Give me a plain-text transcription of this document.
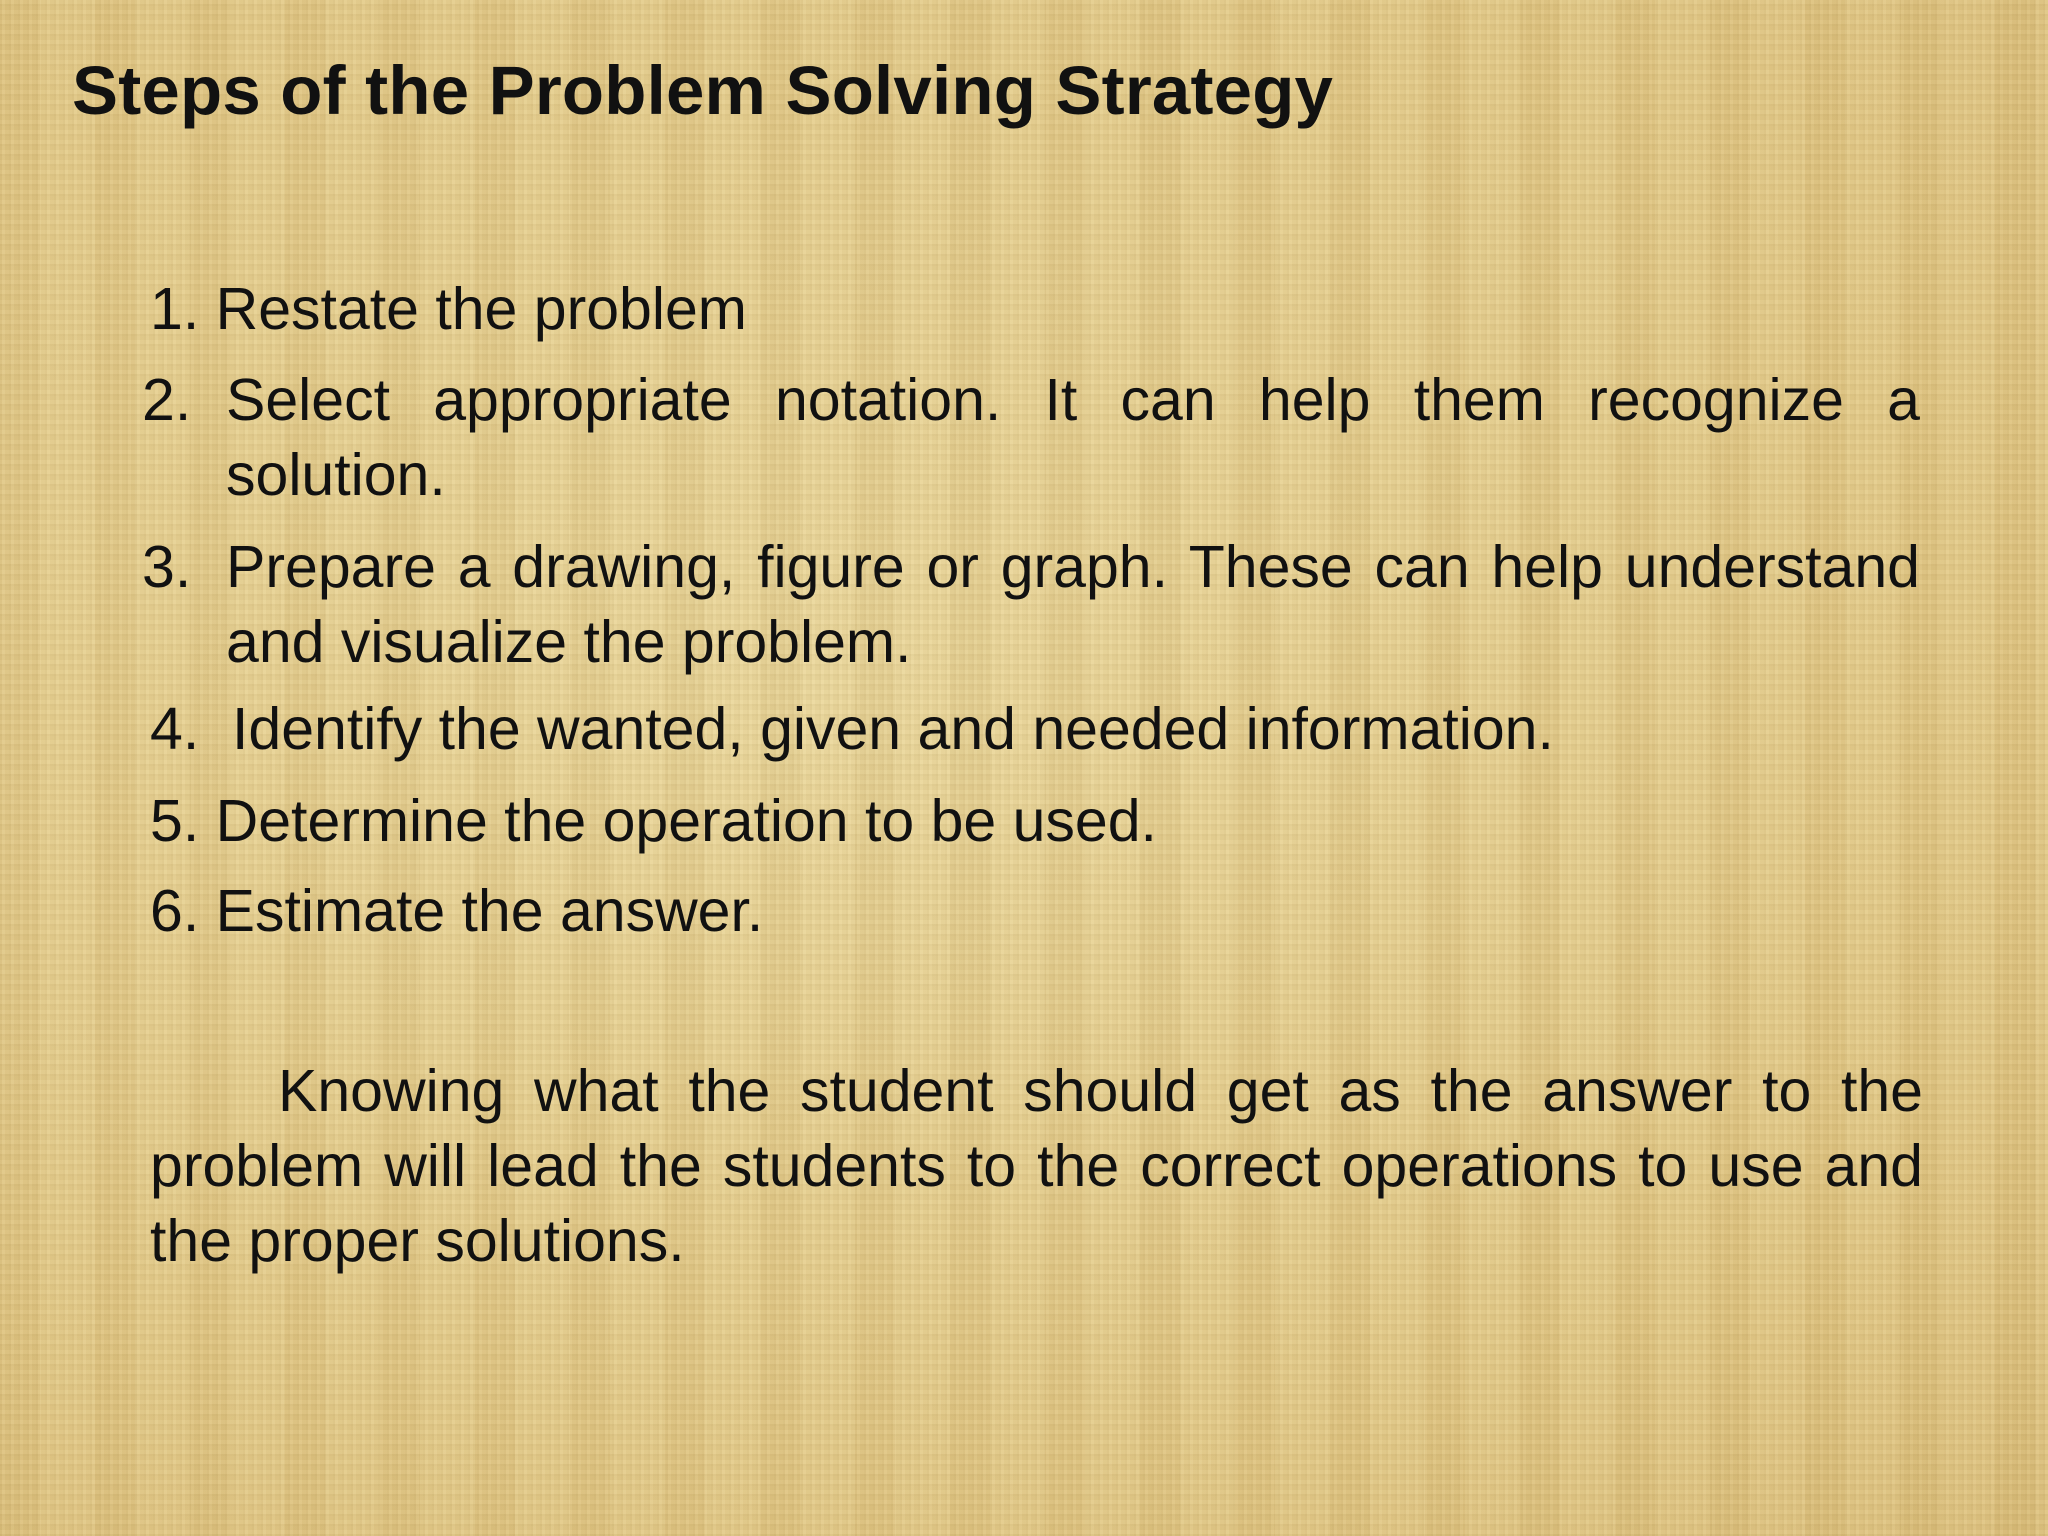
Steps of the Problem Solving Strategy
1. Restate the problem
2. Select appropriate notation. It can help them recognize a solution.
3. Prepare a drawing, figure or graph. These can help understand and visualize the problem.
4. Identify the wanted, given and needed information.
5. Determine the operation to be used.
6. Estimate the answer.

Knowing what the student should get as the answer to the problem will lead the students to the correct operations to use and the proper solutions.
